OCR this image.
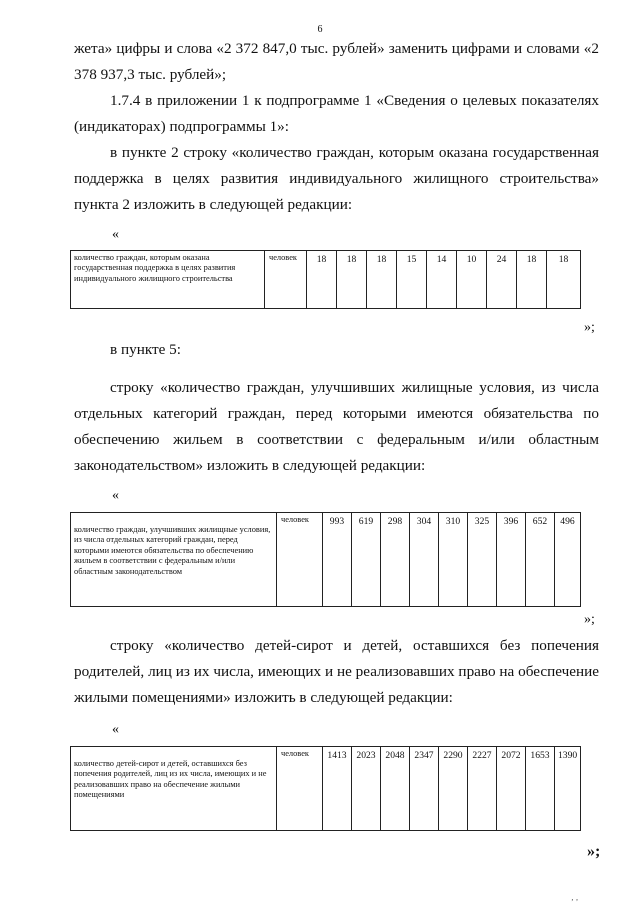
6

жета» цифры и слова «2 372 847,0 тыс. рублей» заменить цифрами и словами «2 378 937,3 тыс. рублей»;

1.7.4 в приложении 1 к подпрограмме 1 «Сведения о целевых показателях (индикаторах) подпрограммы 1»:

в пункте 2 строку «количество граждан, которым оказана государственная поддержка в целях развития индивидуального жилищного строительства» пункта 2 изложить в следующей редакции:

«
количество граждан, которым оказана государственная поддержка в целях развития индивидуального жилищного строительства	человек	18	18	18	15	14	10	24	18	18
»;

в пункте 5:

строку «количество граждан, улучшивших жилищные условия, из числа отдельных категорий граждан, перед которыми имеются обязательства по обеспечению жильем в соответствии с федеральным и/или областным законодательством» изложить в следующей редакции:

«
количество граждан, улучшивших жилищные условия, из числа отдельных категорий граждан, перед которыми имеются обязательства по обеспечению жильем в соответствии с федеральным и/или областным законодательством	человек	993	619	298	304	310	325	396	652	496
»;

строку «количество детей-сирот и детей, оставшихся без попечения родителей, лиц из их числа, имеющих и не реализовавших право на обеспечение жилыми помещениями» изложить в следующей редакции:

«
количество детей-сирот и детей, оставшихся без попечения родителей, лиц из их числа, имеющих и не реализовавших право на обеспечение жилыми помещениями	человек	1413	2023	2048	2347	2290	2227	2072	1653	1390
»;
‚ ‚
